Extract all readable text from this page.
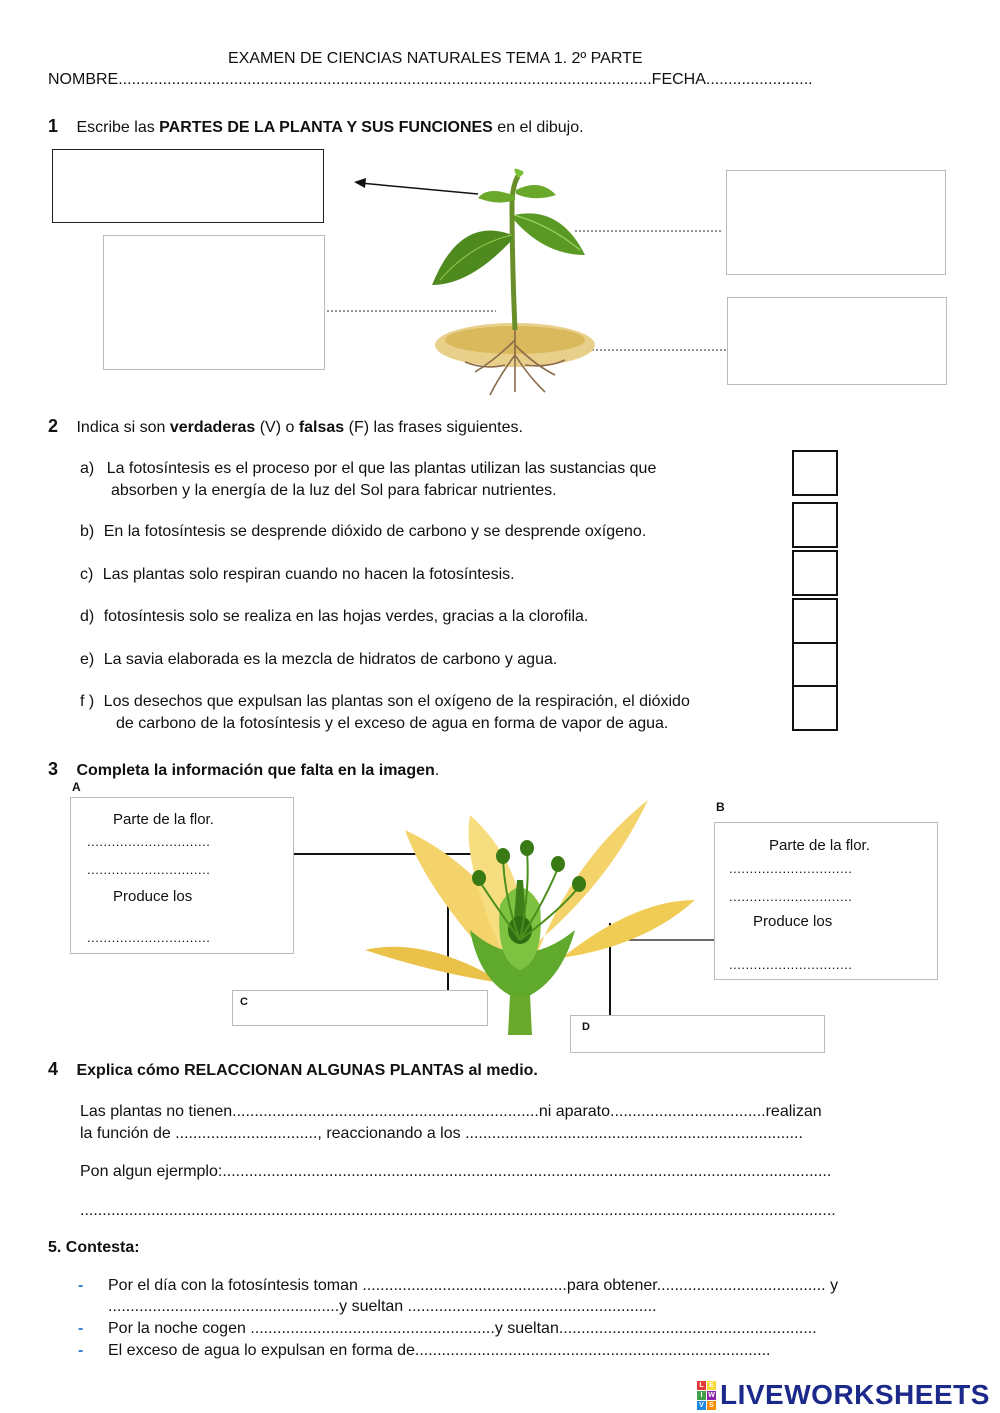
EXAMEN DE CIENCIAS NATURALES TEMA 1. 2º PARTE
NOMBRE........................................................................................................................FECHA........................
1 Escribe las PARTES DE LA PLANTA Y SUS FUNCIONES en el dibujo.
2 Indica si son verdaderas (V) o falsas (F) las frases siguientes.
a) La fotosíntesis es el proceso por el que las plantas utilizan las sustancias que
absorben y la energía de la luz del Sol para fabricar nutrientes.
b) En la fotosíntesis se desprende dióxido de carbono y se desprende oxígeno.
c) Las plantas solo respiran cuando no hacen la fotosíntesis.
d) fotosíntesis solo se realiza en las hojas verdes, gracias a la clorofila.
e) La savia elaborada es la mezcla de hidratos de carbono y agua.
f ) Los desechos que expulsan las plantas son el oxígeno de la respiración, el dióxido
de carbono de la fotosíntesis y el exceso de agua en forma de vapor de agua.
3 Completa la información que falta en la imagen.
A
Parte de la flor.
..............................
..............................
Produce los
..............................
B
Parte de la flor.
..............................
..............................
Produce los
..............................
C
D
4 Explica cómo RELACCIONAN ALGUNAS PLANTAS al medio.
Las plantas no tienen.....................................................................ni aparato...................................realizan
la función de ................................, reaccionando a los ............................................................................
Pon algun ejermplo:.........................................................................................................................................
..........................................................................................................................................................................
5. Contesta:
- Por el día con la fotosíntesis toman ..............................................para obtener...................................... y
....................................................y sueltan ........................................................
- Por la noche cogen .......................................................y sueltan..........................................................
- El exceso de agua lo expulsan en forma de................................................................................
L E
I W
V S LIVEWORKSHEETS
